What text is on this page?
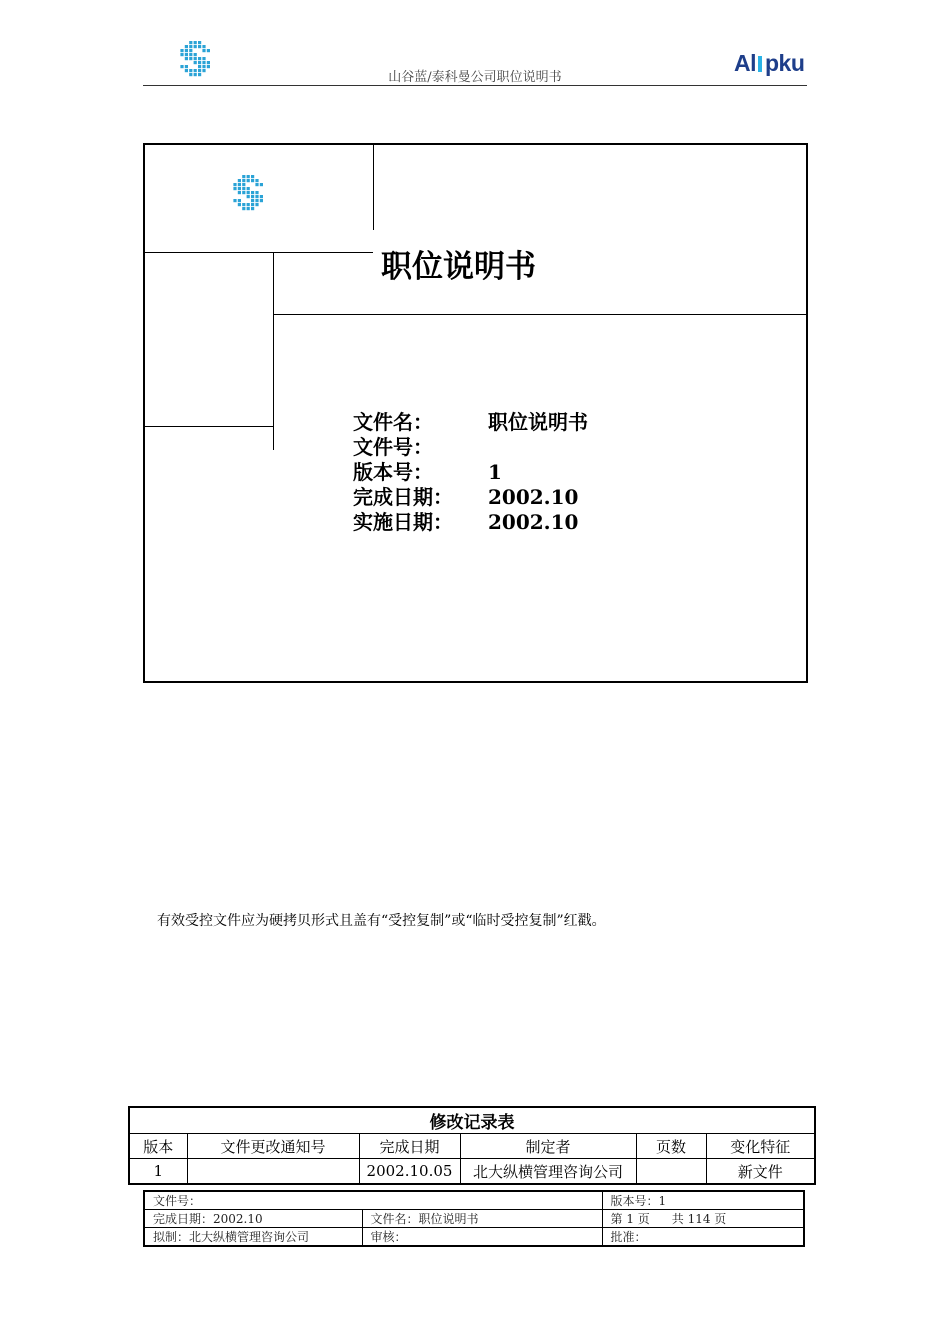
山谷蓝/泰科曼公司职位说明书
Al pku
职位说明书
文件名：	职位说明书
文件号：
版本号：	1
完成日期：	2002.10
实施日期：	2002.10
有效受控文件应为硬拷贝形式且盖有“受控复制”或“临时受控复制”红戳。
修改记录表					
版本	文件更改通知号	完成日期	制定者	页数	变化特征
1		2002.10.05	北大纵横管理咨询公司		新文件
文件号：		版本号：1
完成日期：2002.10	文件名：职位说明书	第 1 页 共 114 页
拟制：北大纵横管理咨询公司	审核：	批准：
